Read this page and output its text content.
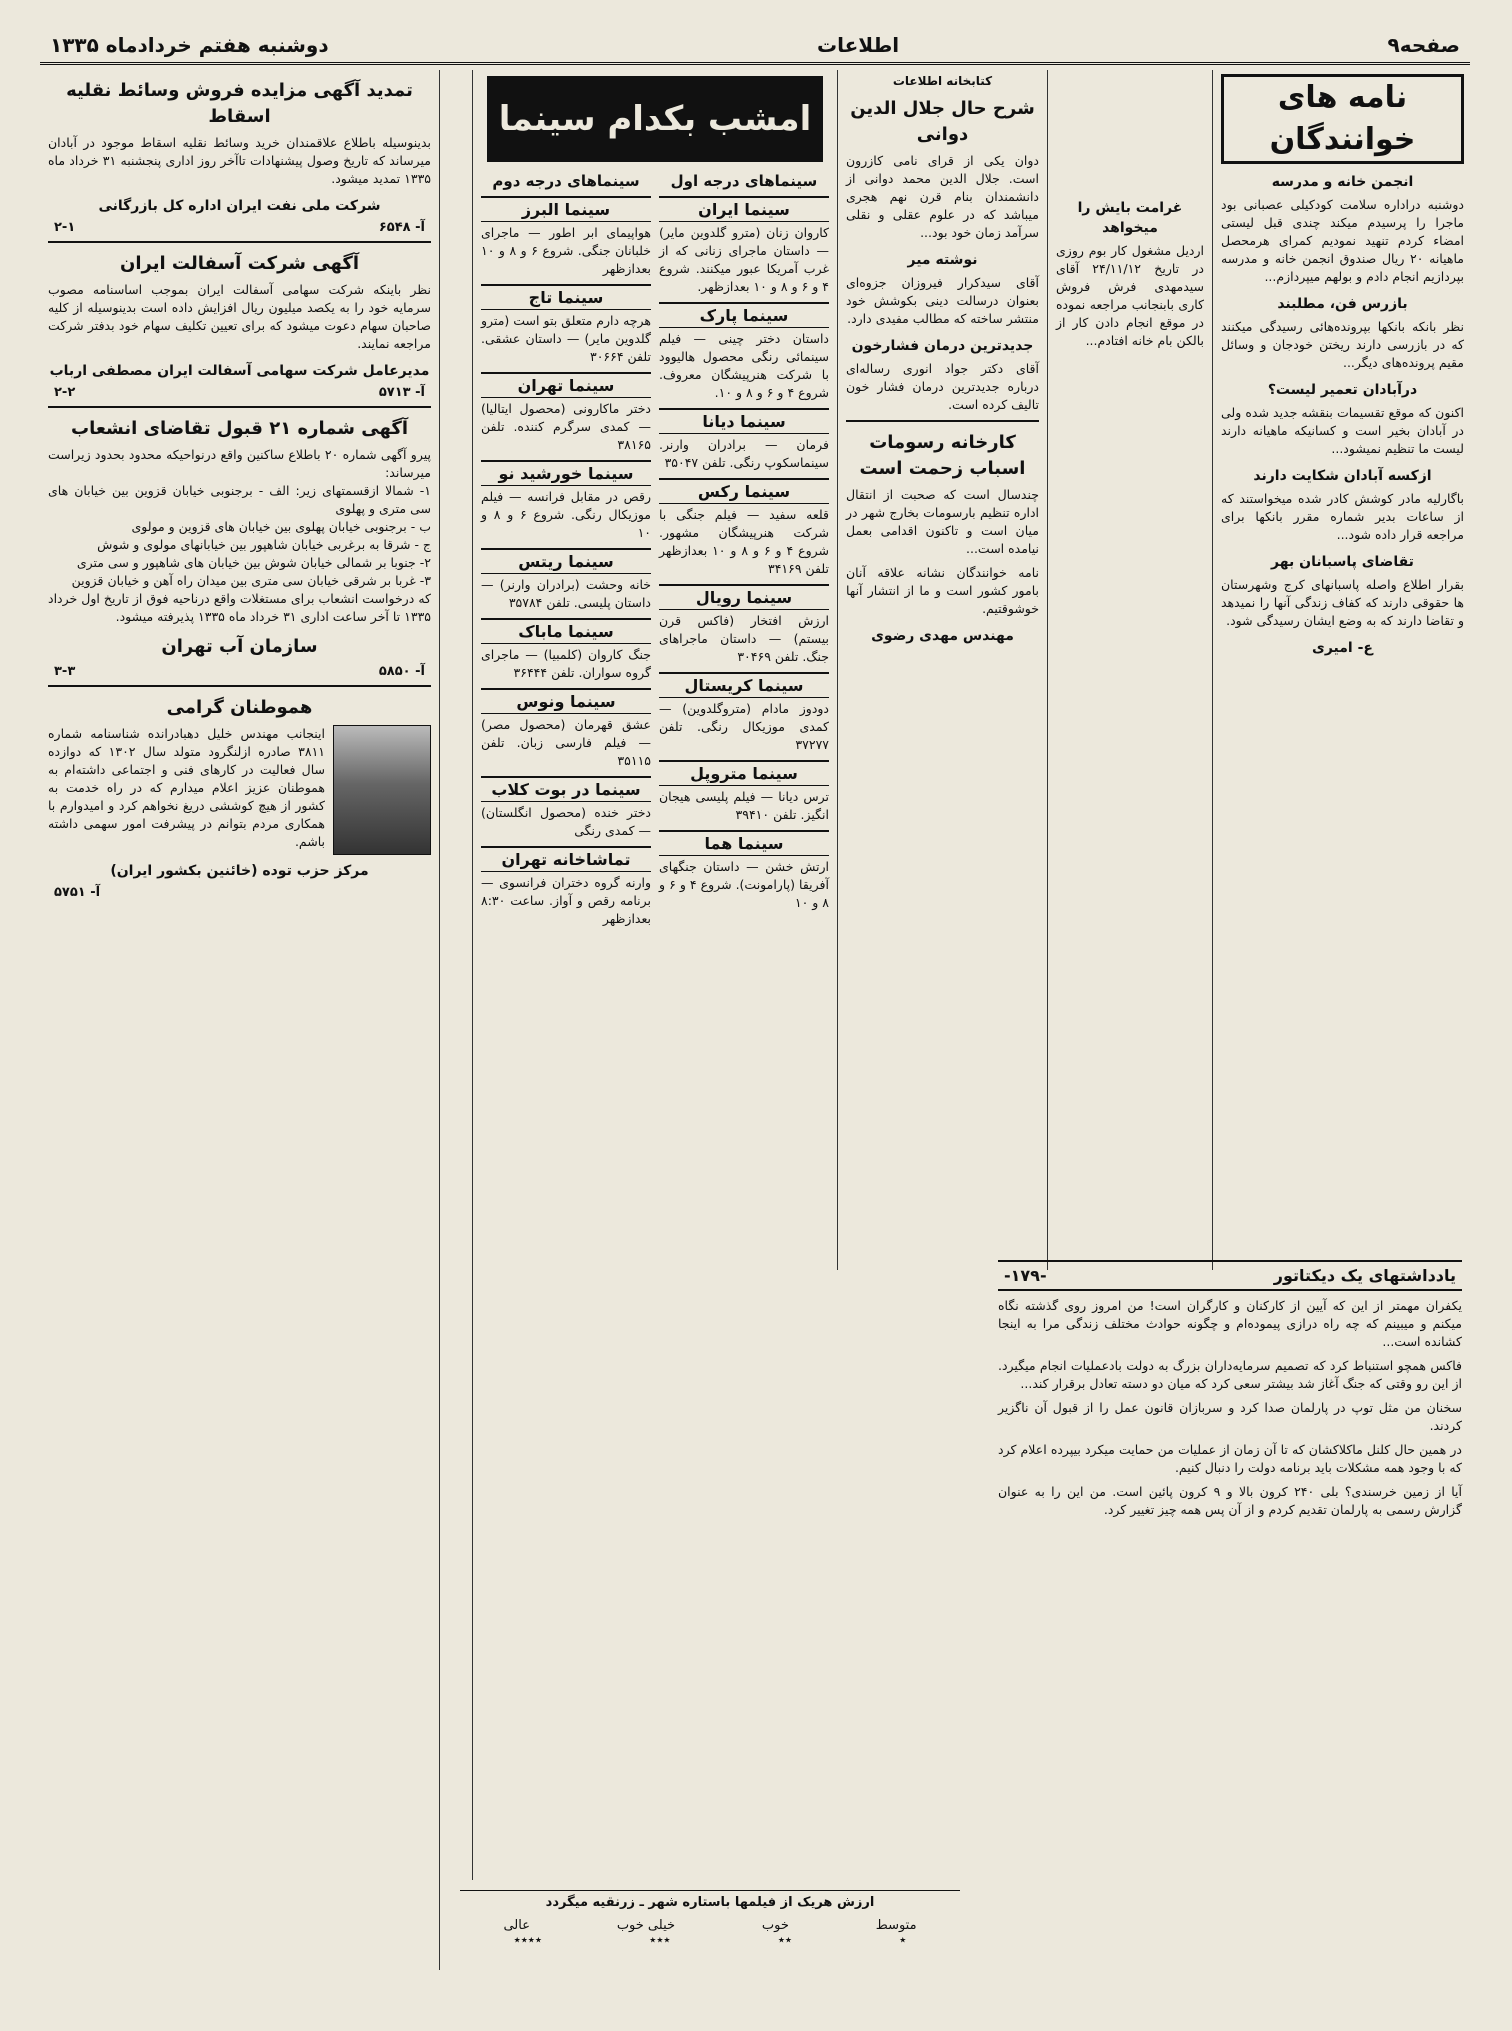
صفحه۹
اطلاعات
دوشنبه هفتم خردادماه ۱۳۳۵
نامه های خوانندگان
انجمن خانه و مدرسه

دوشنبه دراداره سلامت کودکیلی عصبانی بود ماجرا را پرسیدم میکند چندی قبل لیستی امضاء کردم تنهید نمودیم کمرای هرمحصل ماهیانه ۲۰ ریال صندوق انجمن خانه و مدرسه بپردازیم انجام دادم و بولهم میپردازم...

بازرس فن، مطلبند

نظر بانکه بانکها بپرونده‌هائی رسیدگی میکنند که در بازرسی دارند ریختن خودجان و وسائل مقیم پرونده‌های دیگر...

درآبادان تعمیر لیست؟

اکنون که موقع تقسیمات بنقشه جدید شده ولی در آبادان بخیر است و کسانیکه ماهیانه دارند لیست ما تنظیم نمیشود...

ازکسه آبادان شکایت دارند

باگارلیه مادر کوشش کادر شده میخواستند که از ساعات بدیر شماره مقرر بانکها برای مراجعه قرار داده شود...

تقاضای پاسبانان بهر

بقرار اطلاع واصله پاسبانهای کرج وشهرستان ها حقوقی دارند که کفاف زندگی آنها را نمیدهد و تقاضا دارند که به وضع ایشان رسیدگی شود.

ع- امیری
غرامت بایش را میخواهد

اردیل مشغول کار بوم روزی در تاریخ ۲۴/۱۱/۱۲ آقای سیدمهدی فرش فروش کاری بابنجانب مراجعه نموده در موقع انجام دادن کار از بالکن بام خانه افتادم...

کتابخانه اطلاعات
شرح حال جلال الدین دوانی

دوان یکی از قرای نامی کازرون است. جلال الدین محمد دوانی از دانشمندان بنام قرن نهم هجری میباشد که در علوم عقلی و نقلی سرآمد زمان خود بود...

نوشته میر

آقای سیدکرار فیروزان جزوه‌ای بعنوان درسالت دینی بکوشش خود منتشر ساخته که مطالب مفیدی دارد.

جدیدترین درمان فشارخون

آقای دکتر جواد انوری رساله‌ای درباره جدیدترین درمان فشار خون تالیف کرده است.

کارخانه رسومات اسباب زحمت است

چندسال است که صحبت از انتقال اداره تنظیم بارسومات بخارج شهر در میان است و تاکنون اقدامی بعمل نیامده است...

نامه خوانندگان نشانه علاقه آنان بامور کشور است و ما از انتشار آنها خوشوقتیم.

مهندس مهدی رضوی
امشب بکدام سینما میروید
سینماهای درجه اول
سینما ایران

کاروان زنان (مترو گلدوین مایر) — داستان ماجرای زنانی که از غرب آمریکا عبور میکنند. شروع ۴ و ۶ و ۸ و ۱۰ بعدازظهر.

سینما پارک

داستان دختر چینی — فیلم سینمائی رنگی محصول هالیوود با شرکت هنرپیشگان معروف. شروع ۴ و ۶ و ۸ و ۱۰.

سینما دیانا

فرمان — برادران وارنر. سینماسکوپ رنگی. تلفن ۳۵۰۴۷

سینما رکس

قلعه سفید — فیلم جنگی با شرکت هنرپیشگان مشهور. شروع ۴ و ۶ و ۸ و ۱۰ بعدازظهر تلفن ۳۴۱۶۹

سینما رویال

ارزش افتخار (فاکس قرن بیستم) — داستان ماجراهای جنگ. تلفن ۳۰۴۶۹

سینما کریستال

دودوز مادام (متروگلدوین) — کمدی موزیکال رنگی. تلفن ۳۷۲۷۷

سینما متروپل

ترس دیانا — فیلم پلیسی هیجان انگیز. تلفن ۳۹۴۱۰

سینما هما

ارتش خشن — داستان جنگهای آفریقا (پارامونت). شروع ۴ و ۶ و ۸ و ۱۰

سینماهای درجه دوم
سینما البرز

هواپیمای ابر اطور — ماجرای خلبانان جنگی. شروع ۶ و ۸ و ۱۰ بعدازظهر

سینما تاج

هرچه دارم متعلق بتو است (مترو گلدوین مایر) — داستان عشقی. تلفن ۳۰۶۶۴

سینما تهران

دختر ماکارونی (محصول ایتالیا) — کمدی سرگرم کننده. تلفن ۳۸۱۶۵

سینما خورشید نو

رقص در مقابل فرانسه — فیلم موزیکال رنگی. شروع ۶ و ۸ و ۱۰

سینما ریتس

خانه وحشت (برادران وارنر) — داستان پلیسی. تلفن ۳۵۷۸۴

سینما ماباک

جنگ کاروان (کلمبیا) — ماجرای گروه سواران. تلفن ۳۶۴۴۴

سینما ونوس

عشق قهرمان (محصول مصر) — فیلم فارسی زبان. تلفن ۳۵۱۱۵

سینما در بوت کلاب

دختر خنده (محصول انگلستان) — کمدی رنگی

تماشاخانه تهران

وارنه گروه دختران فرانسوی — برنامه رقص و آواز. ساعت ۸:۳۰ بعدازظهر

تمدید آگهی مزایده فروش وسائط نقلیه اسقاط

بدینوسیله باطلاع علاقمندان خرید وسائط نقلیه اسقاط موجود در آبادان میرساند که تاریخ وصول پیشنهادات تاآخر روز اداری پنجشنبه ۳۱ خرداد ماه ۱۳۳۵ تمدید میشود.

شرکت ملی نفت ایران اداره کل بازرگانی
۲-۱	آ- ۶۵۴۸
آگهی شرکت آسفالت ایران

نظر باینکه شرکت سهامی آسفالت ایران بموجب اساسنامه مصوب سرمایه خود را به یکصد میلیون ریال افزایش داده است بدینوسیله از کلیه صاحبان سهام دعوت میشود که برای تعیین تکلیف سهام خود بدفتر شرکت مراجعه نمایند.

مدیرعامل شرکت سهامی آسفالت ایران مصطفی ارباب
۲-۲	آ- ۵۷۱۳
آگهی شماره ۲۱ قبول تقاضای انشعاب

پیرو آگهی شماره ۲۰ باطلاع ساکنین واقع درنواحیکه محدود بحدود زیراست میرساند:
۱- شمالا ازقسمتهای زیر: الف - برجنوبی خیابان قزوین بین خیابان های سی متری و پهلوی
ب - برجنوبی خیابان پهلوی بین خیابان های قزوین و مولوی
ج - شرقا به برغربی خیابان شاهپور بین خیابانهای مولوی و شوش
۲- جنوبا بر شمالی خیابان شوش بین خیابان های شاهپور و سی متری
۳- غربا بر شرقی خیابان سی متری بین میدان راه آهن و خیابان قزوین
که درخواست انشعاب برای مستغلات واقع درناحیه فوق از تاریخ اول خرداد ۱۳۳۵ تا آخر ساعت اداری ۳۱ خرداد ماه ۱۳۳۵ پذیرفته میشود.

سازمان آب تهران
۳-۳	آ- ۵۸۵۰
هموطنان گرامی

اینجانب مهندس خلیل دهبادرانده شناسنامه شماره ۳۸۱۱ صادره ازلنگرود متولد سال ۱۳۰۲ که دوازده سال فعالیت در کارهای فنی و اجتماعی داشته‌ام به هموطنان عزیز اعلام میدارم که در راه خدمت به کشور از هیچ کوششی دریغ نخواهم کرد و امیدوارم با همکاری مردم بتوانم در پیشرفت امور سهمی داشته باشم.

مرکز حزب توده (خائنین بکشور ایران)
آ- ۵۷۵۱
ارزش هریک از فیلمها باستاره شهر ـ زرنقیه میگردد
متوسط
خوب
خیلی خوب
عالی
٭
٭٭
٭٭٭
٭٭٭٭
یادداشتهای یک دیکتاتور
-۱۷۹-

یکفران مهمتر از این که آیین از کارکنان و کارگران است! من امروز روی گذشته نگاه میکنم و میبینم که چه راه درازی پیموده‌ام و چگونه حوادث مختلف زندگی مرا به اینجا کشانده است...

فاکس همچو استنباط کرد که تصمیم سرمایه‌داران بزرگ به دولت بادعملیات انجام میگیرد. از این رو وقتی که جنگ آغاز شد بیشتر سعی کرد که میان دو دسته تعادل برقرار کند...

سخنان من مثل توپ در پارلمان صدا کرد و سربازان قانون عمل را از قبول آن ناگزیر کردند.

در همین حال کلنل ماکلاکشان که تا آن زمان از عملیات من حمایت میکرد بیپرده اعلام کرد که با وجود همه مشکلات باید برنامه دولت را دنبال کنیم.

آیا از زمین خرسندی؟ بلی ۲۴۰ کرون بالا و ۹ کرون پائین است. من این را به عنوان گزارش رسمی به پارلمان تقدیم کردم و از آن پس همه چیز تغییر کرد.
